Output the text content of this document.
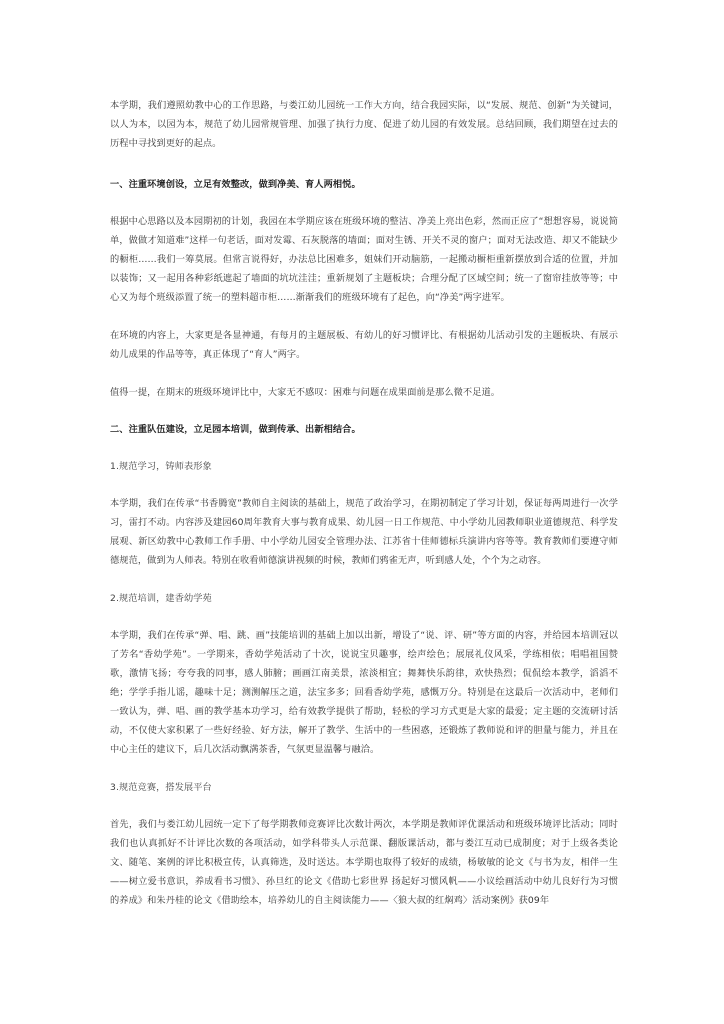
本学期，我们遵照幼教中心的工作思路，与娄江幼儿园统一工作大方向，结合我园实际，以“发展、规范、创新”为关键词，以人为本，以园为本，规范了幼儿园常规管理、加强了执行力度、促进了幼儿园的有效发展。总结回顾，我们期望在过去的历程中寻找到更好的起点。

一、注重环境创设，立足有效整改，做到净美、育人两相悦。

根据中心思路以及本园期初的计划，我园在本学期应该在班级环境的整洁、净美上亮出色彩，然而正应了“想想容易，说说简单，做做才知道难”这样一句老话，面对发霉、石灰脱落的墙面；面对生锈、开关不灵的窗户；面对无法改造、却又不能缺少的橱柜……我们一筹莫展。但常言说得好，办法总比困难多，姐妹们开动脑筋，一起搬动橱柜重新摆放到合适的位置，并加以装饰；又一起用各种彩纸遮起了墙面的坑坑洼洼；重新规划了主题板块；合理分配了区域空间；统一了窗帘挂放等等；中心又为每个班级添置了统一的塑料超市柜……渐渐我们的班级环境有了起色，向“净美”两字进军。

在环境的内容上，大家更是各显神通，有每月的主题展板、有幼儿的好习惯评比、有根据幼儿活动引发的主题板块、有展示幼儿成果的作品等等，真正体现了“育人”两字。

值得一提，在期末的班级环境评比中，大家无不感叹：困难与问题在成果面前是那么微不足道。

二、注重队伍建设，立足园本培训，做到传承、出新相结合。

1.规范学习，铸师表形象

本学期，我们在传承“书香腾宽”教师自主阅读的基础上，规范了政治学习，在期初制定了学习计划，保证每两周进行一次学习，雷打不动。内容涉及建园60周年教育大事与教育成果、幼儿园一日工作规范、中小学幼儿园教师职业道德规范、科学发展观、新区幼教中心教师工作手册、中小学幼儿园安全管理办法、江苏省十佳师德标兵演讲内容等等。教育教师们要遵守师德规范，做到为人师表。特别在收看师德演讲视频的时候，教师们鸦雀无声，听到感人处，个个为之动容。

2.规范培训，建香幼学苑

本学期，我们在传承“弹、唱、跳、画”技能培训的基础上加以出新，增设了“说、评、研”等方面的内容，并给园本培训冠以了芳名“香幼学苑”。一学期来，香幼学苑活动了十次，说说宝贝趣事，绘声绘色；展展礼仪风采，学练相依；唱唱祖国赞歌，激情飞扬；夸夸我的同事，感人肺腑；画画江南美景，浓淡相宜；舞舞快乐韵律，欢快热烈；侃侃绘本教学，滔滔不绝；学学手指儿谣，趣味十足；测测解压之道，法宝多多；回看香幼学苑，感慨万分。特别是在这最后一次活动中，老师们一致认为，弹、唱、画的教学基本功学习，给有效教学提供了帮助，轻松的学习方式更是大家的最爱；定主题的交流研讨活动，不仅使大家积累了一些好经验、好方法，解开了教学、生活中的一些困惑，还锻炼了教师说和评的胆量与能力，并且在中心主任的建议下，后几次活动飘满茶香，气氛更显温馨与融洽。

3.规范竞赛，搭发展平台

首先，我们与娄江幼儿园统一定下了每学期教师竞赛评比次数计两次，本学期是教师评优课活动和班级环境评比活动；同时我们也认真抓好不计评比次数的各项活动，如学科带头人示范课、翻版课活动，都与娄江互动已成制度；对于上级各类论文、随笔、案例的评比积极宣传，认真筛选，及时送达。本学期也取得了较好的成绩，杨敏敏的论文《与书为友，相伴一生——树立爱书意识，养成看书习惯》、孙旦红的论文《借助七彩世界 扬起好习惯风帆——小议绘画活动中幼儿良好行为习惯的养成》和朱丹桂的论文《借助绘本，培养幼儿的自主阅读能力——〈狼大叔的红焖鸡〉活动案例》获09年
